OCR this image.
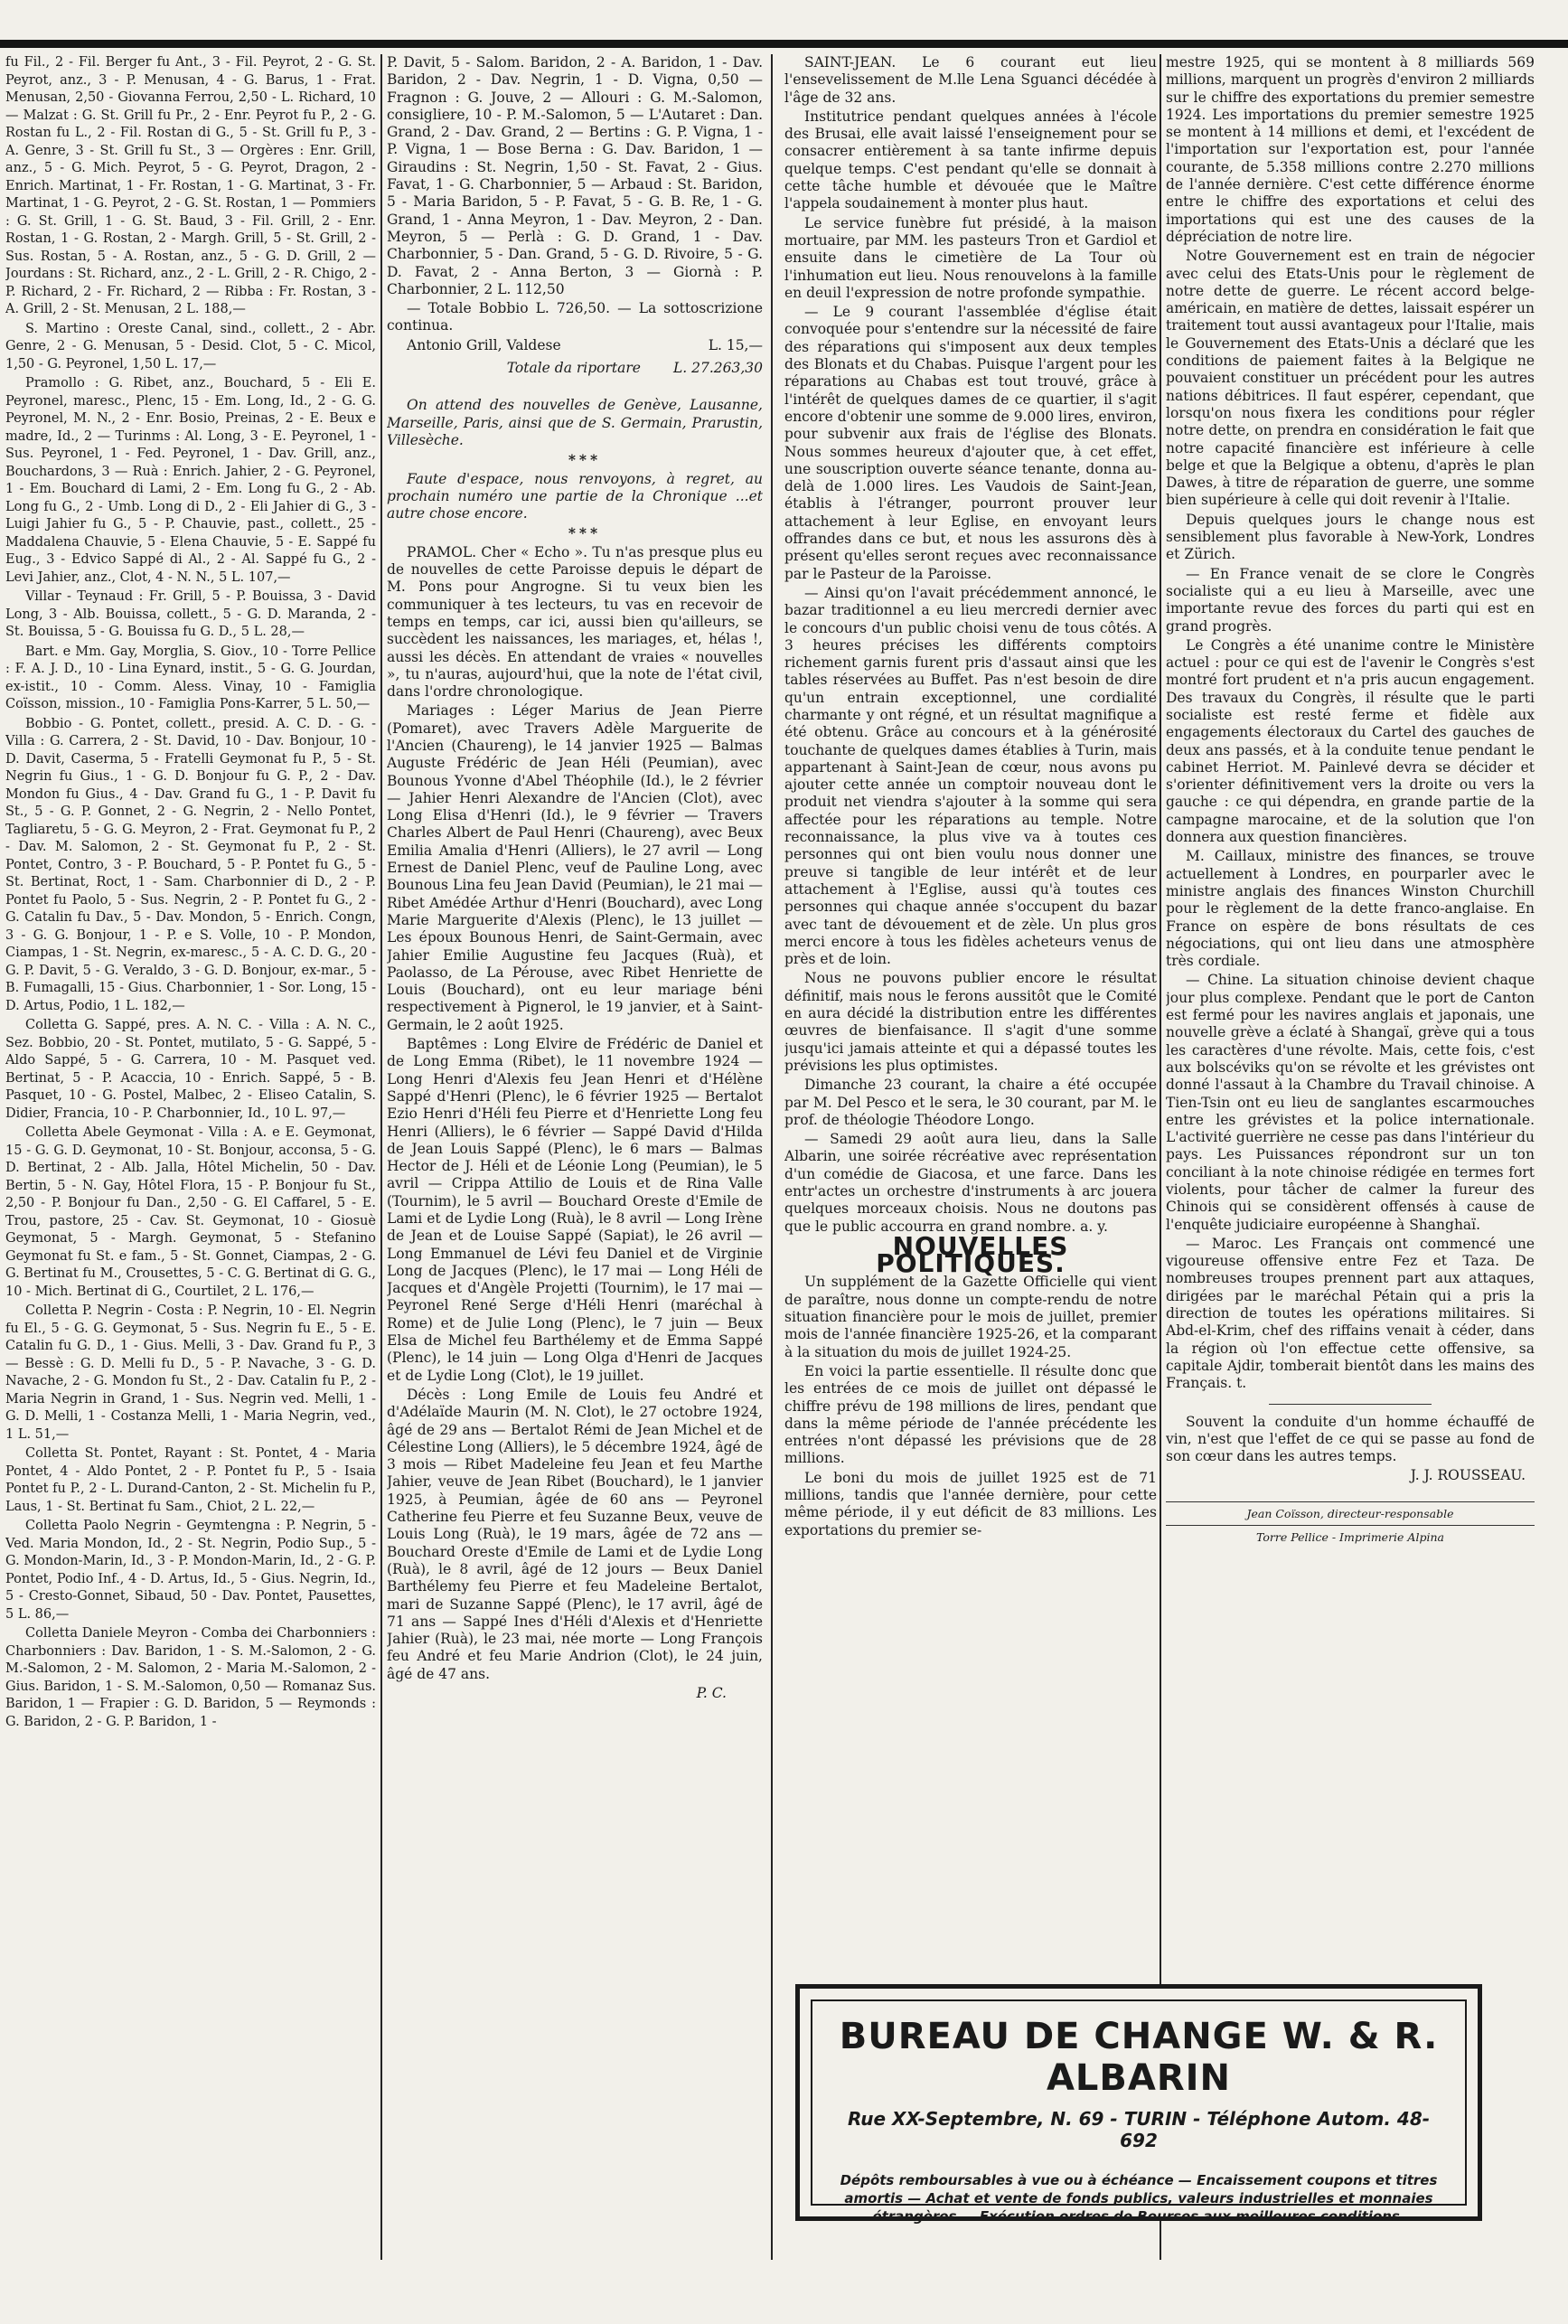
fu Fil., 2 - Fil. Berger fu Ant., 3 - Fil. Peyrot, 2 - G. St. Peyrot, anz., 3 - P. Menusan, 4 - G. Barus, 1 - Frat. Menusan, 2,50 - Giovanna Ferrou, 2,50 - L. Richard, 10 — Malzat : G. St. Grill fu Pr., 2 - Enr. Peyrot fu P., 2 - G. Rostan fu L., 2 - Fil. Rostan di G., 5 - St. Grill fu P., 3 - A. Genre, 3 - St. Grill fu St., 3 — Orgères : Enr. Grill, anz., 5 - G. Mich. Peyrot, 5 - G. Peyrot, Dragon, 2 - Enrich. Martinat, 1 - Fr. Rostan, 1 - G. Martinat, 3 - Fr. Martinat, 1 - G. Peyrot, 2 - G. St. Rostan, 1 — Pommiers : G. St. Grill, 1 - G. St. Baud, 3 - Fil. Grill, 2 - Enr. Rostan, 1 - G. Rostan, 2 - Margh. Grill, 5 - St. Grill, 2 - Sus. Rostan, 5 - A. Rostan, anz., 5 - G. D. Grill, 2 — Jourdans : St. Richard, anz., 2 - L. Grill, 2 - R. Chigo, 2 - P. Richard, 2 - Fr. Richard, 2 — Ribba : Fr. Rostan, 3 - A. Grill, 2 - St. Menusan, 2 L. 188,—

S. Martino : Oreste Canal, sind., collett., 2 - Abr. Genre, 2 - G. Menusan, 5 - Desid. Clot, 5 - C. Micol, 1,50 - G. Peyronel, 1,50 L. 17,—

Pramollo : G. Ribet, anz., Bouchard, 5 - Eli E. Peyronel, maresc., Plenc, 15 - Em. Long, Id., 2 - G. G. Peyronel, M. N., 2 - Enr. Bosio, Preinas, 2 - E. Beux e madre, Id., 2 — Turinms : Al. Long, 3 - E. Peyronel, 1 - Sus. Peyronel, 1 - Fed. Peyronel, 1 - Dav. Grill, anz., Bouchardons, 3 — Ruà : Enrich. Jahier, 2 - G. Peyronel, 1 - Em. Bouchard di Lami, 2 - Em. Long fu G., 2 - Ab. Long fu G., 2 - Umb. Long di D., 2 - Eli Jahier di G., 3 - Luigi Jahier fu G., 5 - P. Chauvie, past., collett., 25 - Maddalena Chauvie, 5 - Elena Chauvie, 5 - E. Sappé fu Eug., 3 - Edvico Sappé di Al., 2 - Al. Sappé fu G., 2 - Levi Jahier, anz., Clot, 4 - N. N., 5 L. 107,—

Villar - Teynaud : Fr. Grill, 5 - P. Bouissa, 3 - David Long, 3 - Alb. Bouissa, collett., 5 - G. D. Maranda, 2 - St. Bouissa, 5 - G. Bouissa fu G. D., 5 L. 28,—

Bart. e Mm. Gay, Morglia, S. Giov., 10 - Torre Pellice : F. A. J. D., 10 - Lina Eynard, instit., 5 - G. G. Jourdan, ex-istit., 10 - Comm. Aless. Vinay, 10 - Famiglia Coïsson, mission., 10 - Famiglia Pons-Karrer, 5 L. 50,—

Bobbio - G. Pontet, collett., presid. A. C. D. - G. - Villa : G. Carrera, 2 - St. David, 10 - Dav. Bonjour, 10 - D. Davit, Caserma, 5 - Fratelli Geymonat fu P., 5 - St. Negrin fu Gius., 1 - G. D. Bonjour fu G. P., 2 - Dav. Mondon fu Gius., 4 - Dav. Grand fu G., 1 - P. Davit fu St., 5 - G. P. Gonnet, 2 - G. Negrin, 2 - Nello Pontet, Tagliaretu, 5 - G. G. Meyron, 2 - Frat. Geymonat fu P., 2 - Dav. M. Salomon, 2 - St. Geymonat fu P., 2 - St. Pontet, Contro, 3 - P. Bouchard, 5 - P. Pontet fu G., 5 - St. Bertinat, Roct, 1 - Sam. Charbonnier di D., 2 - P. Pontet fu Paolo, 5 - Sus. Negrin, 2 - P. Pontet fu G., 2 - G. Catalin fu Dav., 5 - Dav. Mondon, 5 - Enrich. Congn, 3 - G. G. Bonjour, 1 - P. e S. Volle, 10 - P. Mondon, Ciampas, 1 - St. Negrin, ex-maresc., 5 - A. C. D. G., 20 - G. P. Davit, 5 - G. Veraldo, 3 - G. D. Bonjour, ex-mar., 5 - B. Fumagalli, 15 - Gius. Charbonnier, 1 - Sor. Long, 15 - D. Artus, Podio, 1 L. 182,—

Colletta G. Sappé, pres. A. N. C. - Villa : A. N. C., Sez. Bobbio, 20 - St. Pontet, mutilato, 5 - G. Sappé, 5 - Aldo Sappé, 5 - G. Carrera, 10 - M. Pasquet ved. Bertinat, 5 - P. Acaccia, 10 - Enrich. Sappé, 5 - B. Pasquet, 10 - G. Postel, Malbec, 2 - Eliseo Catalin, S. Didier, Francia, 10 - P. Charbonnier, Id., 10 L. 97,—

Colletta Abele Geymonat - Villa : A. e E. Geymonat, 15 - G. G. D. Geymonat, 10 - St. Bonjour, acconsa, 5 - G. D. Bertinat, 2 - Alb. Jalla, Hôtel Michelin, 50 - Dav. Bertin, 5 - N. Gay, Hôtel Flora, 15 - P. Bonjour fu St., 2,50 - P. Bonjour fu Dan., 2,50 - G. El Caffarel, 5 - E. Trou, pastore, 25 - Cav. St. Geymonat, 10 - Giosuè Geymonat, 5 - Margh. Geymonat, 5 - Stefanino Geymonat fu St. e fam., 5 - St. Gonnet, Ciampas, 2 - G. G. Bertinat fu M., Crousettes, 5 - C. G. Bertinat di G. G., 10 - Mich. Bertinat di G., Courtilet, 2 L. 176,—

Colletta P. Negrin - Costa : P. Negrin, 10 - El. Negrin fu El., 5 - G. G. Geymonat, 5 - Sus. Negrin fu E., 5 - E. Catalin fu G. D., 1 - Gius. Melli, 3 - Dav. Grand fu P., 3 — Bessè : G. D. Melli fu D., 5 - P. Navache, 3 - G. D. Navache, 2 - G. Mondon fu St., 2 - Dav. Catalin fu P., 2 - Maria Negrin in Grand, 1 - Sus. Negrin ved. Melli, 1 - G. D. Melli, 1 - Costanza Melli, 1 - Maria Negrin, ved., 1 L. 51,—

Colletta St. Pontet, Rayant : St. Pontet, 4 - Maria Pontet, 4 - Aldo Pontet, 2 - P. Pontet fu P., 5 - Isaia Pontet fu P., 2 - L. Durand-Canton, 2 - St. Michelin fu P., Laus, 1 - St. Bertinat fu Sam., Chiot, 2 L. 22,—

Colletta Paolo Negrin - Geymtengna : P. Negrin, 5 - Ved. Maria Mondon, Id., 2 - St. Negrin, Podio Sup., 5 - G. Mondon-Marin, Id., 3 - P. Mondon-Marin, Id., 2 - G. P. Pontet, Podio Inf., 4 - D. Artus, Id., 5 - Gius. Negrin, Id., 5 - Cresto-Gonnet, Sibaud, 50 - Dav. Pontet, Pausettes, 5 L. 86,—

Colletta Daniele Meyron - Comba dei Charbonniers : Charbonniers : Dav. Baridon, 1 - S. M.-Salomon, 2 - G. M.-Salomon, 2 - M. Salomon, 2 - Maria M.-Salomon, 2 - Gius. Baridon, 1 - S. M.-Salomon, 0,50 — Romanaz Sus. Baridon, 1 — Frapier : G. D. Baridon, 5 — Reymonds : G. Baridon, 2 - G. P. Baridon, 1 -

P. Davit, 5 - Salom. Baridon, 2 - A. Baridon, 1 - Dav. Baridon, 2 - Dav. Negrin, 1 - D. Vigna, 0,50 — Fragnon : G. Jouve, 2 — Allouri : G. M.-Salomon, consigliere, 10 - P. M.-Salomon, 5 — L'Autaret : Dan. Grand, 2 - Dav. Grand, 2 — Bertins : G. P. Vigna, 1 - P. Vigna, 1 — Bose Berna : G. Dav. Baridon, 1 — Giraudins : St. Negrin, 1,50 - St. Favat, 2 - Gius. Favat, 1 - G. Charbonnier, 5 — Arbaud : St. Baridon, 5 - Maria Baridon, 5 - P. Favat, 5 - G. B. Re, 1 - G. Grand, 1 - Anna Meyron, 1 - Dav. Meyron, 2 - Dan. Meyron, 5 — Perlà : G. D. Grand, 1 - Dav. Charbonnier, 5 - Dan. Grand, 5 - G. D. Rivoire, 5 - G. D. Favat, 2 - Anna Berton, 3 — Giornà : P. Charbonnier, 2 L. 112,50

— Totale Bobbio L. 726,50. — La sottoscrizione continua.

Antonio Grill, Valdese	L. 15,—

Totale da riportare	L. 27.263,30

On attend des nouvelles de Genève, Lausanne, Marseille, Paris, ainsi que de S. Germain, Prarustin, Villesèche.

***

Faute d'espace, nous renvoyons, à regret, au prochain numéro une partie de la Chronique ...et autre chose encore.

***

PRAMOL. Cher « Echo ». Tu n'as presque plus eu de nouvelles de cette Paroisse depuis le départ de M. Pons pour Angrogne. Si tu veux bien les communiquer à tes lecteurs, tu vas en recevoir de temps en temps, car ici, aussi bien qu'ailleurs, se succèdent les naissances, les mariages, et, hélas !, aussi les décès. En attendant de vraies « nouvelles », tu n'auras, aujourd'hui, que la note de l'état civil, dans l'ordre chronologique.

Mariages : Léger Marius de Jean Pierre (Pomaret), avec Travers Adèle Marguerite de l'Ancien (Chaureng), le 14 janvier 1925 — Balmas Auguste Frédéric de Jean Héli (Peumian), avec Bounous Yvonne d'Abel Théophile (Id.), le 2 février — Jahier Henri Alexandre de l'Ancien (Clot), avec Long Elisa d'Henri (Id.), le 9 février — Travers Charles Albert de Paul Henri (Chaureng), avec Beux Emilia Amalia d'Henri (Alliers), le 27 avril — Long Ernest de Daniel Plenc, veuf de Pauline Long, avec Bounous Lina feu Jean David (Peumian), le 21 mai — Ribet Amédée Arthur d'Henri (Bouchard), avec Long Marie Marguerite d'Alexis (Plenc), le 13 juillet — Les époux Bounous Henri, de Saint-Germain, avec Jahier Emilie Augustine feu Jacques (Ruà), et Paolasso, de La Pérouse, avec Ribet Henriette de Louis (Bouchard), ont eu leur mariage béni respectivement à Pignerol, le 19 janvier, et à Saint-Germain, le 2 août 1925.

Baptêmes : Long Elvire de Frédéric de Daniel et de Long Emma (Ribet), le 11 novembre 1924 — Long Henri d'Alexis feu Jean Henri et d'Hélène Sappé d'Henri (Plenc), le 6 février 1925 — Bertalot Ezio Henri d'Héli feu Pierre et d'Henriette Long feu Henri (Alliers), le 6 février — Sappé David d'Hilda de Jean Louis Sappé (Plenc), le 6 mars — Balmas Hector de J. Héli et de Léonie Long (Peumian), le 5 avril — Crippa Attilio de Louis et de Rina Valle (Tournim), le 5 avril — Bouchard Oreste d'Emile de Lami et de Lydie Long (Ruà), le 8 avril — Long Irène de Jean et de Louise Sappé (Sapiat), le 26 avril — Long Emmanuel de Lévi feu Daniel et de Virginie Long de Jacques (Plenc), le 17 mai — Long Héli de Jacques et d'Angèle Projetti (Tournim), le 17 mai — Peyronel René Serge d'Héli Henri (maréchal à Rome) et de Julie Long (Plenc), le 7 juin — Beux Elsa de Michel feu Barthélemy et de Emma Sappé (Plenc), le 14 juin — Long Olga d'Henri de Jacques et de Lydie Long (Clot), le 19 juillet.

Décès : Long Emile de Louis feu André et d'Adélaïde Maurin (M. N. Clot), le 27 octobre 1924, âgé de 29 ans — Bertalot Rémi de Jean Michel et de Célestine Long (Alliers), le 5 décembre 1924, âgé de 3 mois — Ribet Madeleine feu Jean et feu Marthe Jahier, veuve de Jean Ribet (Bouchard), le 1 janvier 1925, à Peumian, âgée de 60 ans — Peyronel Catherine feu Pierre et feu Suzanne Beux, veuve de Louis Long (Ruà), le 19 mars, âgée de 72 ans — Bouchard Oreste d'Emile de Lami et de Lydie Long (Ruà), le 8 avril, âgé de 12 jours — Beux Daniel Barthélemy feu Pierre et feu Madeleine Bertalot, mari de Suzanne Sappé (Plenc), le 17 avril, âgé de 71 ans — Sappé Ines d'Héli d'Alexis et d'Henriette Jahier (Ruà), le 23 mai, née morte — Long François feu André et feu Marie Andrion (Clot), le 24 juin, âgé de 47 ans.

P. C.

SAINT-JEAN. Le 6 courant eut lieu l'ensevelissement de M.lle Lena Sguanci décédée à l'âge de 32 ans.

Institutrice pendant quelques années à l'école des Brusai, elle avait laissé l'enseignement pour se consacrer entièrement à sa tante infirme depuis quelque temps. C'est pendant qu'elle se donnait à cette tâche humble et dévouée que le Maître l'appela soudainement à monter plus haut.

Le service funèbre fut présidé, à la maison mortuaire, par MM. les pasteurs Tron et Gardiol et ensuite dans le cimetière de La Tour où l'inhumation eut lieu. Nous renouvelons à la famille en deuil l'expression de notre profonde sympathie.

— Le 9 courant l'assemblée d'église était convoquée pour s'entendre sur la nécessité de faire des réparations qui s'imposent aux deux temples des Blonats et du Chabas. Puisque l'argent pour les réparations au Chabas est tout trouvé, grâce à l'intérêt de quelques dames de ce quartier, il s'agit encore d'obtenir une somme de 9.000 lires, environ, pour subvenir aux frais de l'église des Blonats. Nous sommes heureux d'ajouter que, à cet effet, une souscription ouverte séance tenante, donna au-delà de 1.000 lires. Les Vaudois de Saint-Jean, établis à l'étranger, pourront prouver leur attachement à leur Eglise, en envoyant leurs offrandes dans ce but, et nous les assurons dès à présent qu'elles seront reçues avec reconnaissance par le Pasteur de la Paroisse.

— Ainsi qu'on l'avait précédemment annoncé, le bazar traditionnel a eu lieu mercredi dernier avec le concours d'un public choisi venu de tous côtés. A 3 heures précises les différents comptoirs richement garnis furent pris d'assaut ainsi que les tables réservées au Buffet. Pas n'est besoin de dire qu'un entrain exceptionnel, une cordialité charmante y ont régné, et un résultat magnifique a été obtenu. Grâce au concours et à la générosité touchante de quelques dames établies à Turin, mais appartenant à Saint-Jean de cœur, nous avons pu ajouter cette année un comptoir nouveau dont le produit net viendra s'ajouter à la somme qui sera affectée pour les réparations au temple. Notre reconnaissance, la plus vive va à toutes ces personnes qui ont bien voulu nous donner une preuve si tangible de leur intérêt et de leur attachement à l'Eglise, aussi qu'à toutes ces personnes qui chaque année s'occupent du bazar avec tant de dévouement et de zèle. Un plus gros merci encore à tous les fidèles acheteurs venus de près et de loin.

Nous ne pouvons publier encore le résultat définitif, mais nous le ferons aussitôt que le Comité en aura décidé la distribution entre les différentes œuvres de bienfaisance. Il s'agit d'une somme jusqu'ici jamais atteinte et qui a dépassé toutes les prévisions les plus optimistes.

Dimanche 23 courant, la chaire a été occupée par M. Del Pesco et le sera, le 30 courant, par M. le prof. de théologie Théodore Longo.

— Samedi 29 août aura lieu, dans la Salle Albarin, une soirée récréative avec représentation d'un comédie de Giacosa, et une farce. Dans les entr'actes un orchestre d'instruments à arc jouera quelques morceaux choisis. Nous ne doutons pas que le public accourra en grand nombre. a. y.

NOUVELLES POLITIQUES.

Un supplément de la Gazette Officielle qui vient de paraître, nous donne un compte-rendu de notre situation financière pour le mois de juillet, premier mois de l'année financière 1925-26, et la comparant à la situation du mois de juillet 1924-25.

En voici la partie essentielle. Il résulte donc que les entrées de ce mois de juillet ont dépassé le chiffre prévu de 198 millions de lires, pendant que dans la même période de l'année précédente les entrées n'ont dépassé les prévisions que de 28 millions.

Le boni du mois de juillet 1925 est de 71 millions, tandis que l'année dernière, pour cette même période, il y eut déficit de 83 millions. Les exportations du premier se-

mestre 1925, qui se montent à 8 milliards 569 millions, marquent un progrès d'environ 2 milliards sur le chiffre des exportations du premier semestre 1924. Les importations du premier semestre 1925 se montent à 14 millions et demi, et l'excédent de l'importation sur l'exportation est, pour l'année courante, de 5.358 millions contre 2.270 millions de l'année dernière. C'est cette différence énorme entre le chiffre des exportations et celui des importations qui est une des causes de la dépréciation de notre lire.

Notre Gouvernement est en train de négocier avec celui des Etats-Unis pour le règlement de notre dette de guerre. Le récent accord belge-américain, en matière de dettes, laissait espérer un traitement tout aussi avantageux pour l'Italie, mais le Gouvernement des Etats-Unis a déclaré que les conditions de paiement faites à la Belgique ne pouvaient constituer un précédent pour les autres nations débitrices. Il faut espérer, cependant, que lorsqu'on nous fixera les conditions pour régler notre dette, on prendra en considération le fait que notre capacité financière est inférieure à celle belge et que la Belgique a obtenu, d'après le plan Dawes, à titre de réparation de guerre, une somme bien supérieure à celle qui doit revenir à l'Italie.

Depuis quelques jours le change nous est sensiblement plus favorable à New-York, Londres et Zürich.

— En France venait de se clore le Congrès socialiste qui a eu lieu à Marseille, avec une importante revue des forces du parti qui est en grand progrès.

Le Congrès a été unanime contre le Ministère actuel : pour ce qui est de l'avenir le Congrès s'est montré fort prudent et n'a pris aucun engagement. Des travaux du Congrès, il résulte que le parti socialiste est resté ferme et fidèle aux engagements électoraux du Cartel des gauches de deux ans passés, et à la conduite tenue pendant le cabinet Herriot. M. Painlevé devra se décider et s'orienter définitivement vers la droite ou vers la gauche : ce qui dépendra, en grande partie de la campagne marocaine, et de la solution que l'on donnera aux question financières.

M. Caillaux, ministre des finances, se trouve actuellement à Londres, en pourparler avec le ministre anglais des finances Winston Churchill pour le règlement de la dette franco-anglaise. En France on espère de bons résultats de ces négociations, qui ont lieu dans une atmosphère très cordiale.

— Chine. La situation chinoise devient chaque jour plus complexe. Pendant que le port de Canton est fermé pour les navires anglais et japonais, une nouvelle grève a éclaté à Shangaï, grève qui a tous les caractères d'une révolte. Mais, cette fois, c'est aux bolscéviks qu'on se révolte et les grévistes ont donné l'assaut à la Chambre du Travail chinoise. A Tien-Tsin ont eu lieu de sanglantes escarmouches entre les grévistes et la police internationale. L'activité guerrière ne cesse pas dans l'intérieur du pays. Les Puissances répondront sur un ton conciliant à la note chinoise rédigée en termes fort violents, pour tâcher de calmer la fureur des Chinois qui se considèrent offensés à cause de l'enquête judiciaire européenne à Shanghaï.

— Maroc. Les Français ont commencé une vigoureuse offensive entre Fez et Taza. De nombreuses troupes prennent part aux attaques, dirigées par le maréchal Pétain qui a pris la direction de toutes les opérations militaires. Si Abd-el-Krim, chef des riffains venait à céder, dans la région où l'on effectue cette offensive, sa capitale Ajdir, tomberait bientôt dans les mains des Français. t.

Souvent la conduite d'un homme échauffé de vin, n'est que l'effet de ce qui se passe au fond de son cœur dans les autres temps.

J. J. ROUSSEAU.

Jean Coïsson, directeur-responsable
Torre Pellice - Imprimerie Alpina
BUREAU DE CHANGE W. & R. ALBARIN
Rue XX-Septembre, N. 69 - TURIN - Téléphone Autom. 48-692
Dépôts remboursables à vue ou à échéance — Encaissement coupons et titres amortis — Achat et vente de fonds publics, valeurs industrielles et monnaies étrangères — Exécution ordres de Bourses aux meilleures conditions.
